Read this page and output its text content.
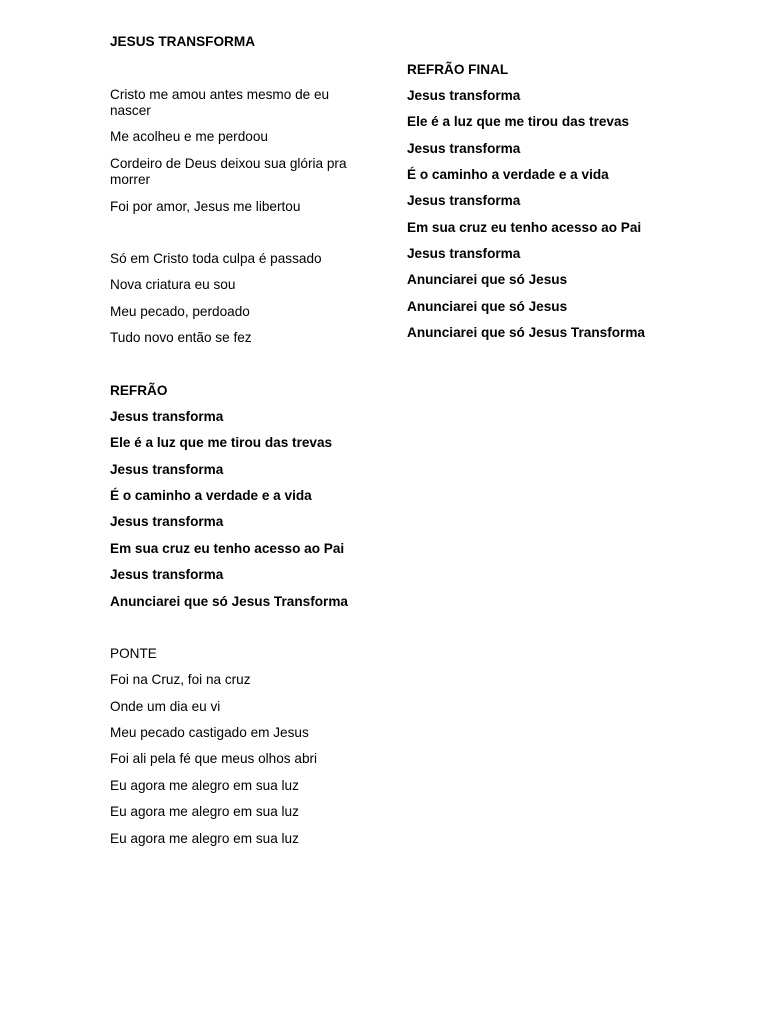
JESUS TRANSFORMA
Cristo me amou antes mesmo de eu nascer
Me acolheu e me perdoou
Cordeiro de Deus deixou sua glória pra morrer
Foi por amor, Jesus me libertou
Só em Cristo toda culpa é passado
Nova criatura eu sou
Meu pecado, perdoado
Tudo novo então se fez
REFRÃO
Jesus transforma
Ele é a luz que me tirou das trevas
Jesus transforma
É o caminho a verdade e a vida
Jesus transforma
Em sua cruz eu tenho acesso ao Pai
Jesus transforma
Anunciarei que só Jesus Transforma
PONTE
Foi na Cruz, foi na cruz
Onde um dia eu vi
Meu pecado castigado em Jesus
Foi ali pela fé que meus olhos abri
Eu agora me alegro em sua luz
Eu agora me alegro em sua luz
Eu agora me alegro em sua luz
REFRÃO FINAL
Jesus transforma
Ele é a luz que me tirou das trevas
Jesus transforma
É o caminho a verdade e a vida
Jesus transforma
Em sua cruz eu tenho acesso ao Pai
Jesus transforma
Anunciarei que só Jesus
Anunciarei que só Jesus
Anunciarei que só Jesus Transforma
